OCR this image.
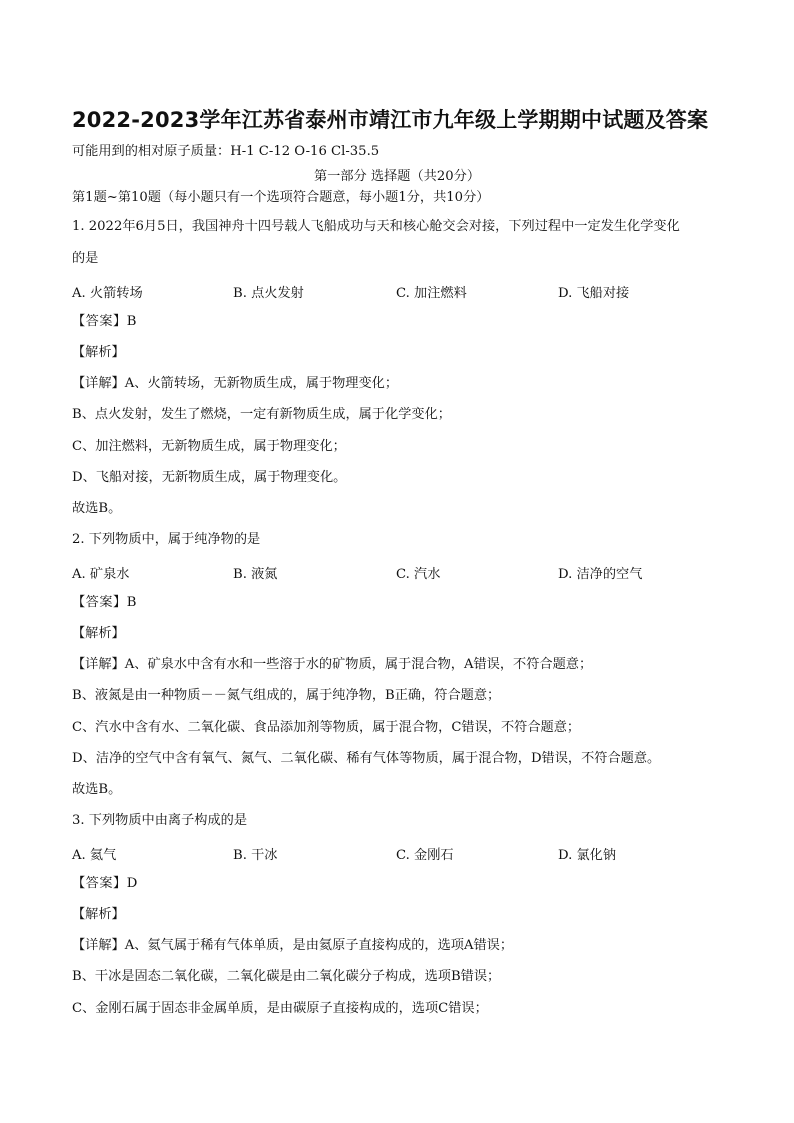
2022-2023学年江苏省泰州市靖江市九年级上学期期中试题及答案
可能用到的相对原子质量：H-1 C-12 O-16 Cl-35.5
第一部分 选择题（共20分）
第1题~第10题（每小题只有一个选项符合题意，每小题1分，共10分）
1. 2022年6月5日，我国神舟十四号载人飞船成功与天和核心舱交会对接，下列过程中一定发生化学变化
的是
A. 火箭转场	B. 点火发射	C. 加注燃料	D. 飞船对接
【答案】B
【解析】
【详解】A、火箭转场，无新物质生成，属于物理变化；
B、点火发射，发生了燃烧，一定有新物质生成，属于化学变化；
C、加注燃料，无新物质生成，属于物理变化；
D、飞船对接，无新物质生成，属于物理变化。
故选B。
2. 下列物质中，属于纯净物的是
A. 矿泉水	B. 液氮	C. 汽水	D. 洁净的空气
【答案】B
【解析】
【详解】A、矿泉水中含有水和一些溶于水的矿物质，属于混合物，A错误，不符合题意；
B、液氮是由一种物质－－氮气组成的，属于纯净物，B正确，符合题意；
C、汽水中含有水、二氧化碳、食品添加剂等物质，属于混合物，C错误，不符合题意；
D、洁净的空气中含有氧气、氮气、二氧化碳、稀有气体等物质，属于混合物，D错误，不符合题意。
故选B。
3. 下列物质中由离子构成的是
A. 氦气	B. 干冰	C. 金刚石	D. 氯化钠
【答案】D
【解析】
【详解】A、氦气属于稀有气体单质，是由氦原子直接构成的，选项A错误；
B、干冰是固态二氧化碳，二氧化碳是由二氧化碳分子构成，选项B错误；
C、金刚石属于固态非金属单质，是由碳原子直接构成的，选项C错误；
